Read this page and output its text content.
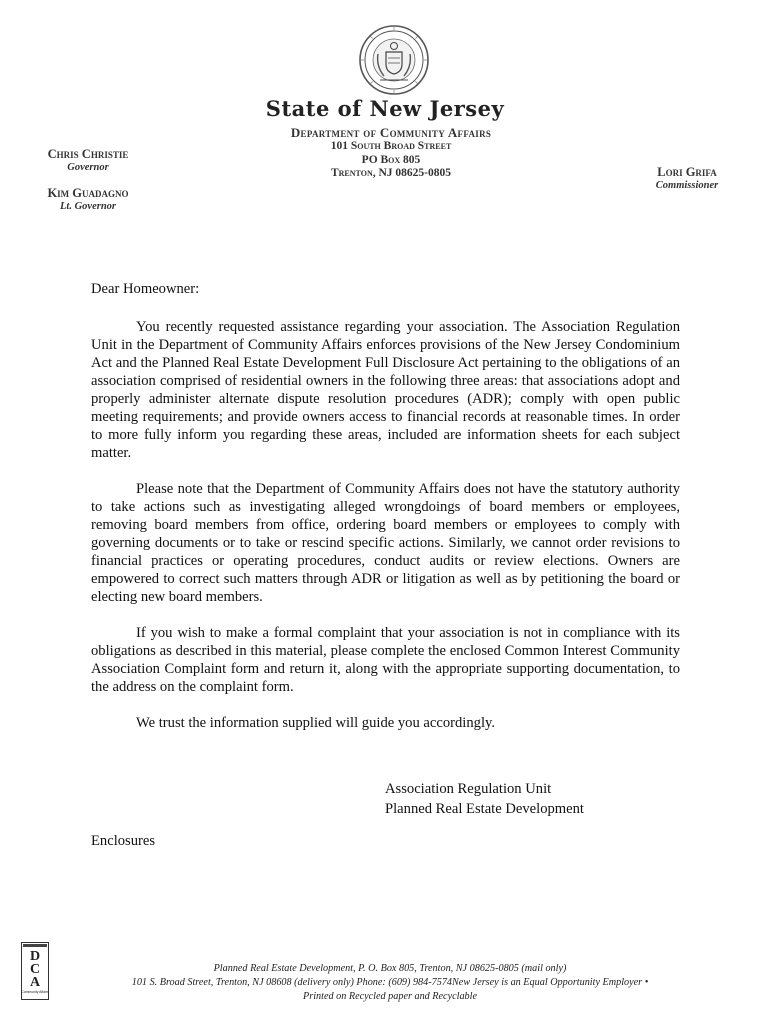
State of New Jersey
Department of Community Affairs
101 South Broad Street
PO Box 805
Trenton, NJ 08625-0805
Chris Christie
Governor
Kim Guadagno
Lt. Governor
Lori Grifa
Commissioner

Dear Homeowner:

You recently requested assistance regarding your association. The Association Regulation Unit in the Department of Community Affairs enforces provisions of the New Jersey Condominium Act and the Planned Real Estate Development Full Disclosure Act pertaining to the obligations of an association comprised of residential owners in the following three areas: that associations adopt and properly administer alternate dispute resolution procedures (ADR); comply with open public meeting requirements; and provide owners access to financial records at reasonable times. In order to more fully inform you regarding these areas, included are information sheets for each subject matter.

Please note that the Department of Community Affairs does not have the statutory authority to take actions such as investigating alleged wrongdoings of board members or employees, removing board members from office, ordering board members or employees to comply with governing documents or to take or rescind specific actions. Similarly, we cannot order revisions to financial practices or operating procedures, conduct audits or review elections. Owners are empowered to correct such matters through ADR or litigation as well as by petitioning the board or electing new board members.

If you wish to make a formal complaint that your association is not in compliance with its obligations as described in this material, please complete the enclosed Common Interest Community Association Complaint form and return it, along with the appropriate supporting documentation, to the address on the complaint form.

We trust the information supplied will guide you accordingly.

Association Regulation Unit
Planned Real Estate Development
Enclosures
D
C
A
Community Affairs
Planned Real Estate Development, P. O. Box 805, Trenton, NJ 08625-0805 (mail only)
101 S. Broad Street, Trenton, NJ 08608 (delivery only) Phone: (609) 984-7574New Jersey is an Equal Opportunity Employer •
Printed on Recycled paper and Recyclable
